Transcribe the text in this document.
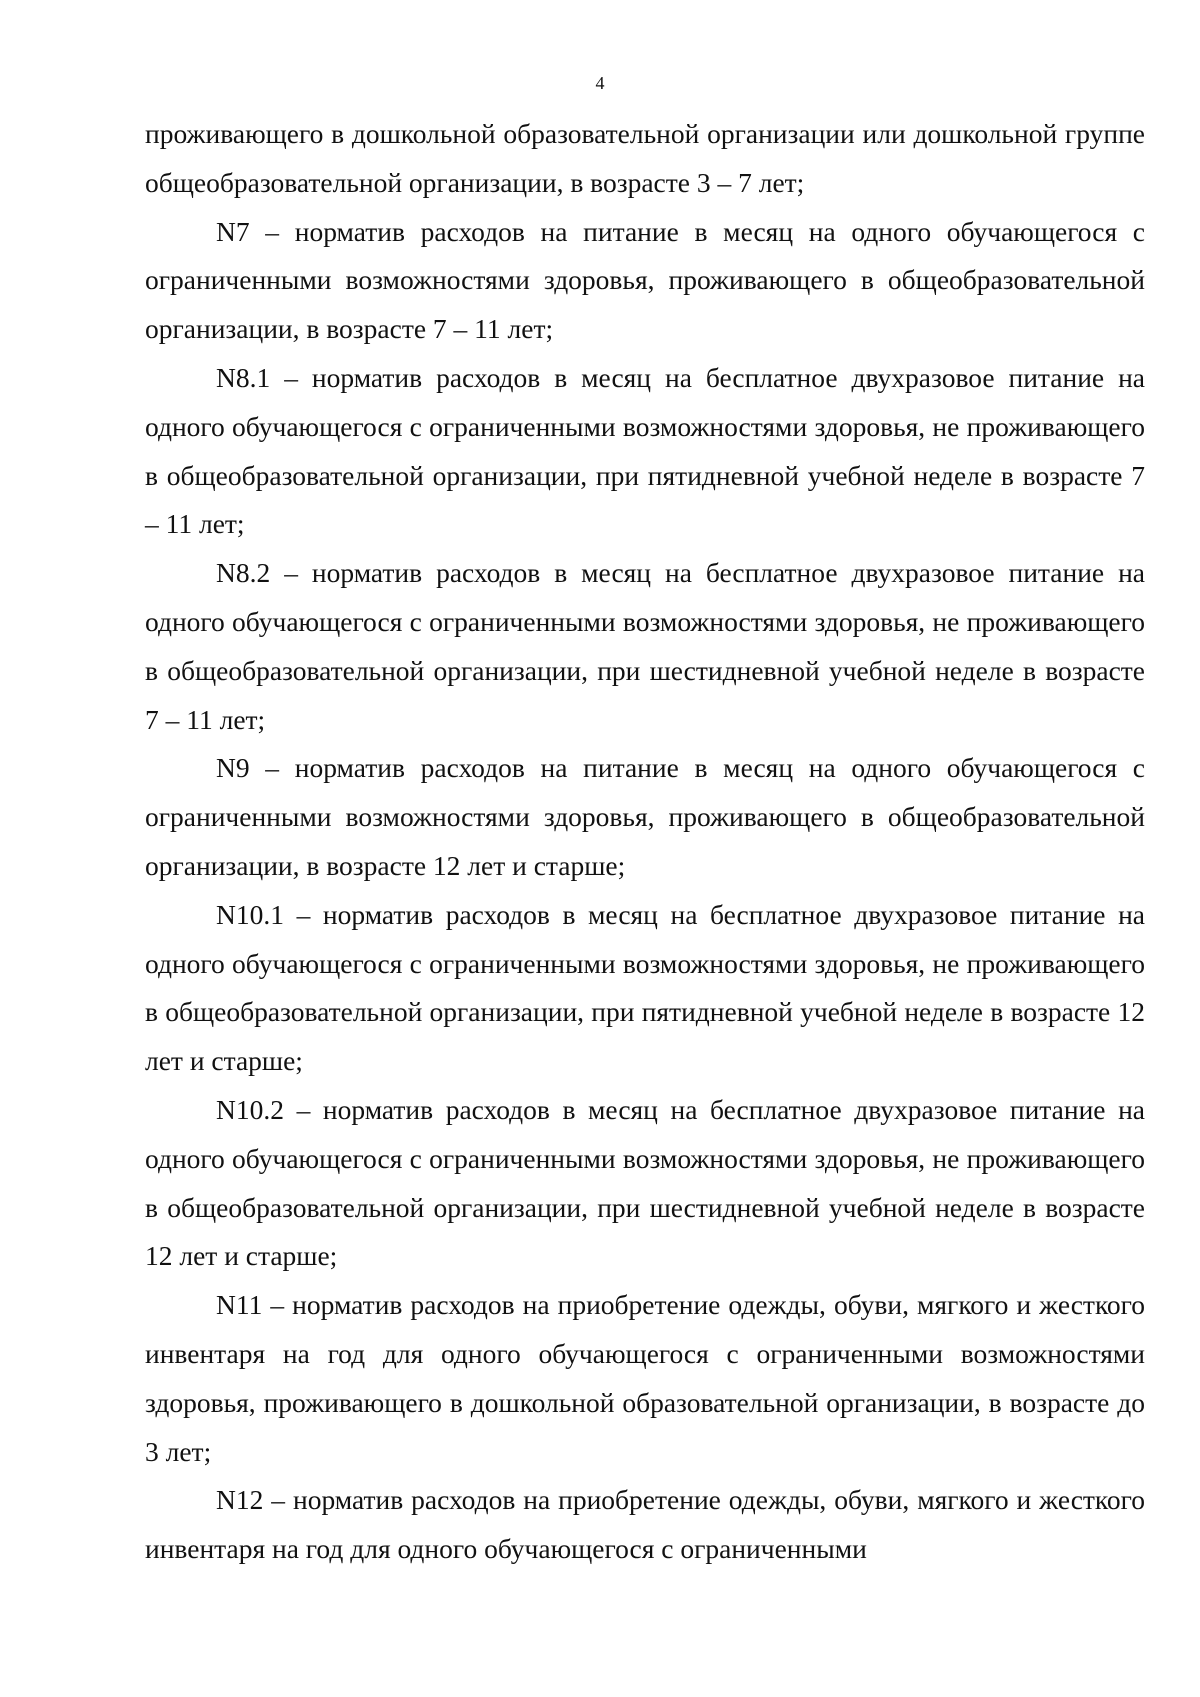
4

проживающего в дошкольной образовательной организации или дошкольной группе общеобразовательной организации, в возрасте 3 – 7 лет;

N7 – норматив расходов на питание в месяц на одного обучающегося с ограниченными возможностями здоровья, проживающего в общеобразовательной организации, в возрасте 7 – 11 лет;

N8.1 – норматив расходов в месяц на бесплатное двухразовое питание на одного обучающегося с ограниченными возможностями здоровья, не проживающего в общеобразовательной организации, при пятидневной учебной неделе в возрасте 7 – 11 лет;

N8.2 – норматив расходов в месяц на бесплатное двухразовое питание на одного обучающегося с ограниченными возможностями здоровья, не проживающего в общеобразовательной организации, при шестидневной учебной неделе в возрасте 7 – 11 лет;

N9 – норматив расходов на питание в месяц на одного обучающегося с ограниченными возможностями здоровья, проживающего в общеобразовательной организации, в возрасте 12 лет и старше;

N10.1 – норматив расходов в месяц на бесплатное двухразовое питание на одного обучающегося с ограниченными возможностями здоровья, не проживающего в общеобразовательной организации, при пятидневной учебной неделе в возрасте 12 лет и старше;

N10.2 – норматив расходов в месяц на бесплатное двухразовое питание на одного обучающегося с ограниченными возможностями здоровья, не проживающего в общеобразовательной организации, при шестидневной учебной неделе в возрасте 12 лет и старше;

N11 – норматив расходов на приобретение одежды, обуви, мягкого и жесткого инвентаря на год для одного обучающегося с ограниченными возможностями здоровья, проживающего в дошкольной образовательной организации, в возрасте до 3 лет;

N12 – норматив расходов на приобретение одежды, обуви, мягкого и жесткого инвентаря на год для одного обучающегося с ограниченными
